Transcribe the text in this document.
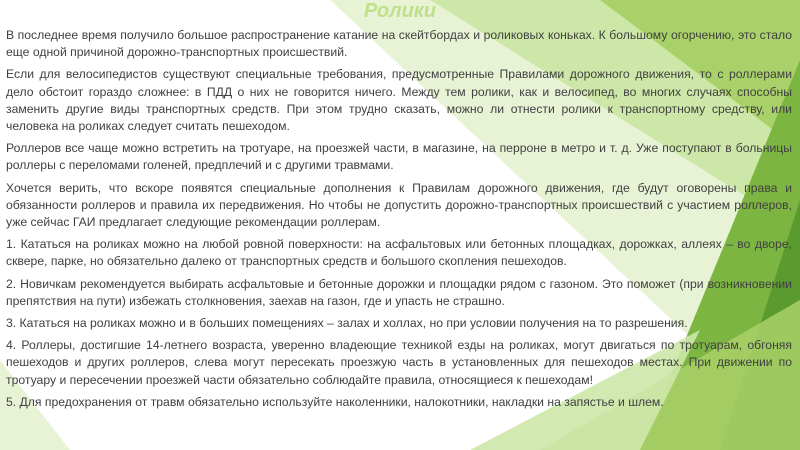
Ролики

В последнее время получило большое распространение катание на скейтбордах и роликовых коньках. К большому огорчению, это стало еще одной причиной дорожно-транспортных происшествий.

Если для велосипедистов существуют специальные требования, предусмотренные Правилами дорожного движения, то с роллерами дело обстоит гораздо сложнее: в ПДД о них не говорится ничего. Между тем ролики, как и велосипед, во многих случаях способны заменить другие виды транспортных средств. При этом трудно сказать, можно ли отнести ролики к транспортному средству, или человека на роликах следует считать пешеходом.

Роллеров все чаще можно встретить на тротуаре, на проезжей части, в магазине, на перроне в метро и т. д. Уже поступают в больницы роллеры с переломами голеней, предплечий и с другими травмами.

Хочется верить, что вскоре появятся специальные дополнения к Правилам дорожного движения, где будут оговорены права и обязанности роллеров и правила их передвижения. Но чтобы не допустить дорожно-транспортных происшествий с участием роллеров, уже сейчас ГАИ предлагает следующие рекомендации роллерам.

1. Кататься на роликах можно на любой ровной поверхности: на асфальтовых или бетонных площадках, дорожках, аллеях – во дворе, сквере, парке, но обязательно далеко от транспортных средств и большого скопления пешеходов.

2. Новичкам рекомендуется выбирать асфальтовые и бетонные дорожки и площадки рядом с газоном. Это поможет (при возникновении препятствия на пути) избежать столкновения, заехав на газон, где и упасть не страшно.

3. Кататься на роликах можно и в больших помещениях – залах и холлах, но при условии получения на то разрешения.

4. Роллеры, достигшие 14-летнего возраста, уверенно владеющие техникой езды на роликах, могут двигаться по тротуарам, обгоняя пешеходов и других роллеров, слева могут пересекать проезжую часть в установленных для пешеходов местах. При движении по тротуару и пересечении проезжей части обязательно соблюдайте правила, относящиеся к пешеходам!

5. Для предохранения от травм обязательно используйте наколенники, налокотники, накладки на запястье и шлем.
